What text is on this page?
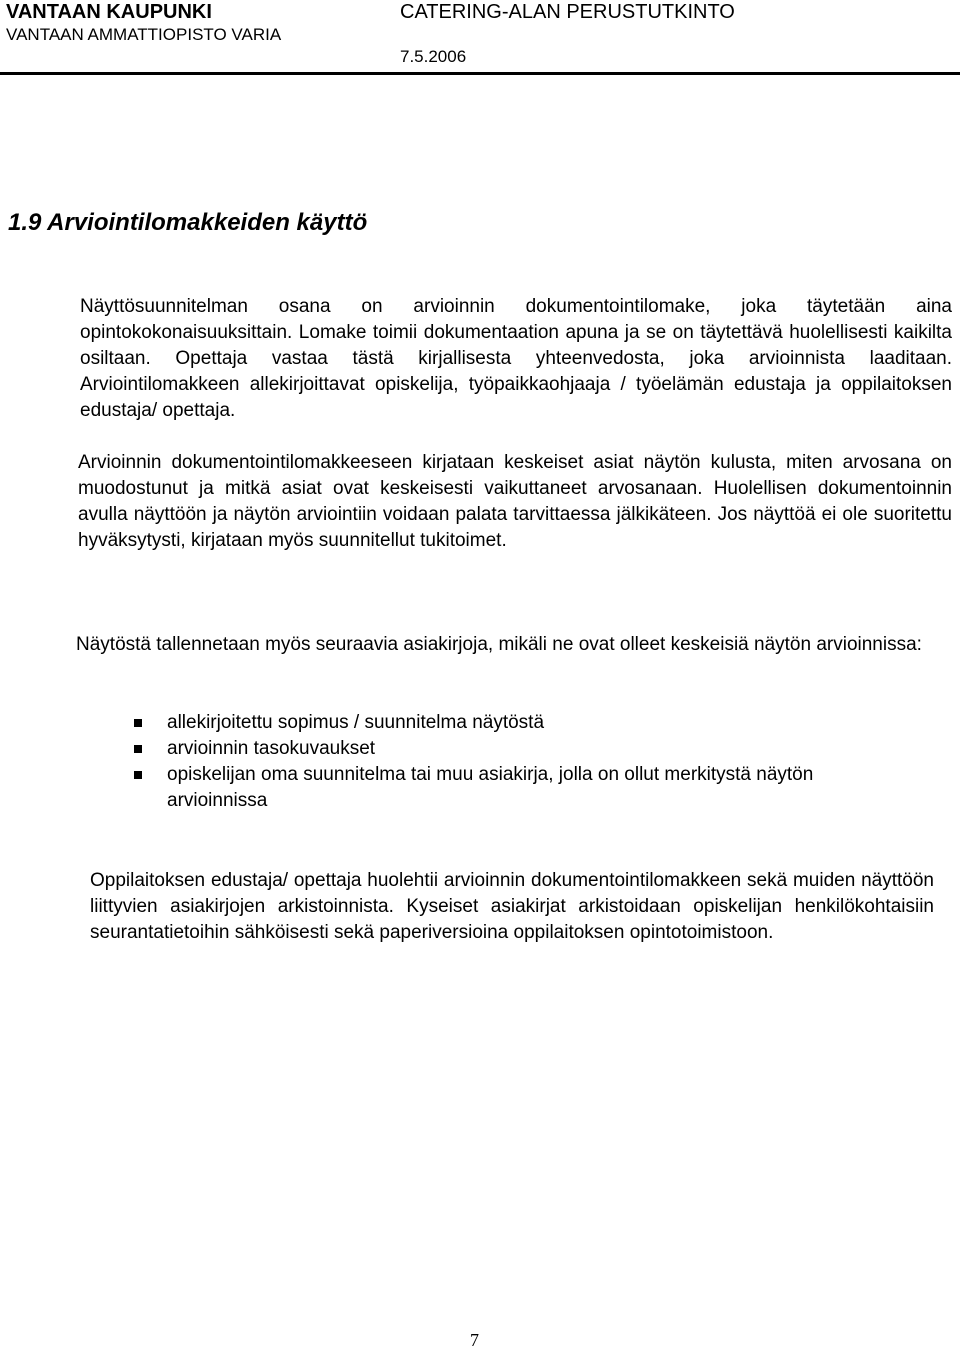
VANTAAN KAUPUNKI
VANTAAN AMMATTIOPISTO VARIA
CATERING-ALAN PERUSTUTKINTO
7.5.2006
1.9 Arviointilomakkeiden käyttö

Näyttösuunnitelman osana on arvioinnin dokumentointilomake, joka täytetään aina opintokokonaisuuksittain. Lomake toimii dokumentaation apuna ja se on täytettävä huolellisesti kaikilta osiltaan. Opettaja vastaa tästä kirjallisesta yhteenvedosta, joka arvioinnista laaditaan. Arviointilomakkeen allekirjoittavat opiskelija, työpaikkaohjaaja / työelämän edustaja ja oppilaitoksen edustaja/ opettaja.

Arvioinnin dokumentointilomakkeeseen kirjataan keskeiset asiat näytön kulusta, miten arvosana on muodostunut ja mitkä asiat ovat keskeisesti vaikuttaneet arvosanaan. Huolellisen dokumentoinnin avulla näyttöön ja näytön arviointiin voidaan palata tarvittaessa jälkikäteen. Jos näyttöä ei ole suoritettu hyväksytysti, kirjataan myös suunnitellut tukitoimet.

Näytöstä tallennetaan myös seuraavia asiakirjoja, mikäli ne ovat olleet keskeisiä näytön arvioinnissa:

allekirjoitettu sopimus / suunnitelma näytöstä
arvioinnin tasokuvaukset
opiskelijan oma suunnitelma tai muu asiakirja, jolla on ollut merkitystä näytön arvioinnissa

Oppilaitoksen edustaja/ opettaja huolehtii arvioinnin dokumentointilomakkeen sekä muiden näyttöön liittyvien asiakirjojen arkistoinnista. Kyseiset asiakirjat arkistoidaan opiskelijan henkilökohtaisiin seurantatietoihin sähköisesti sekä paperiversioina oppilaitoksen opintotoimistoon.

7
